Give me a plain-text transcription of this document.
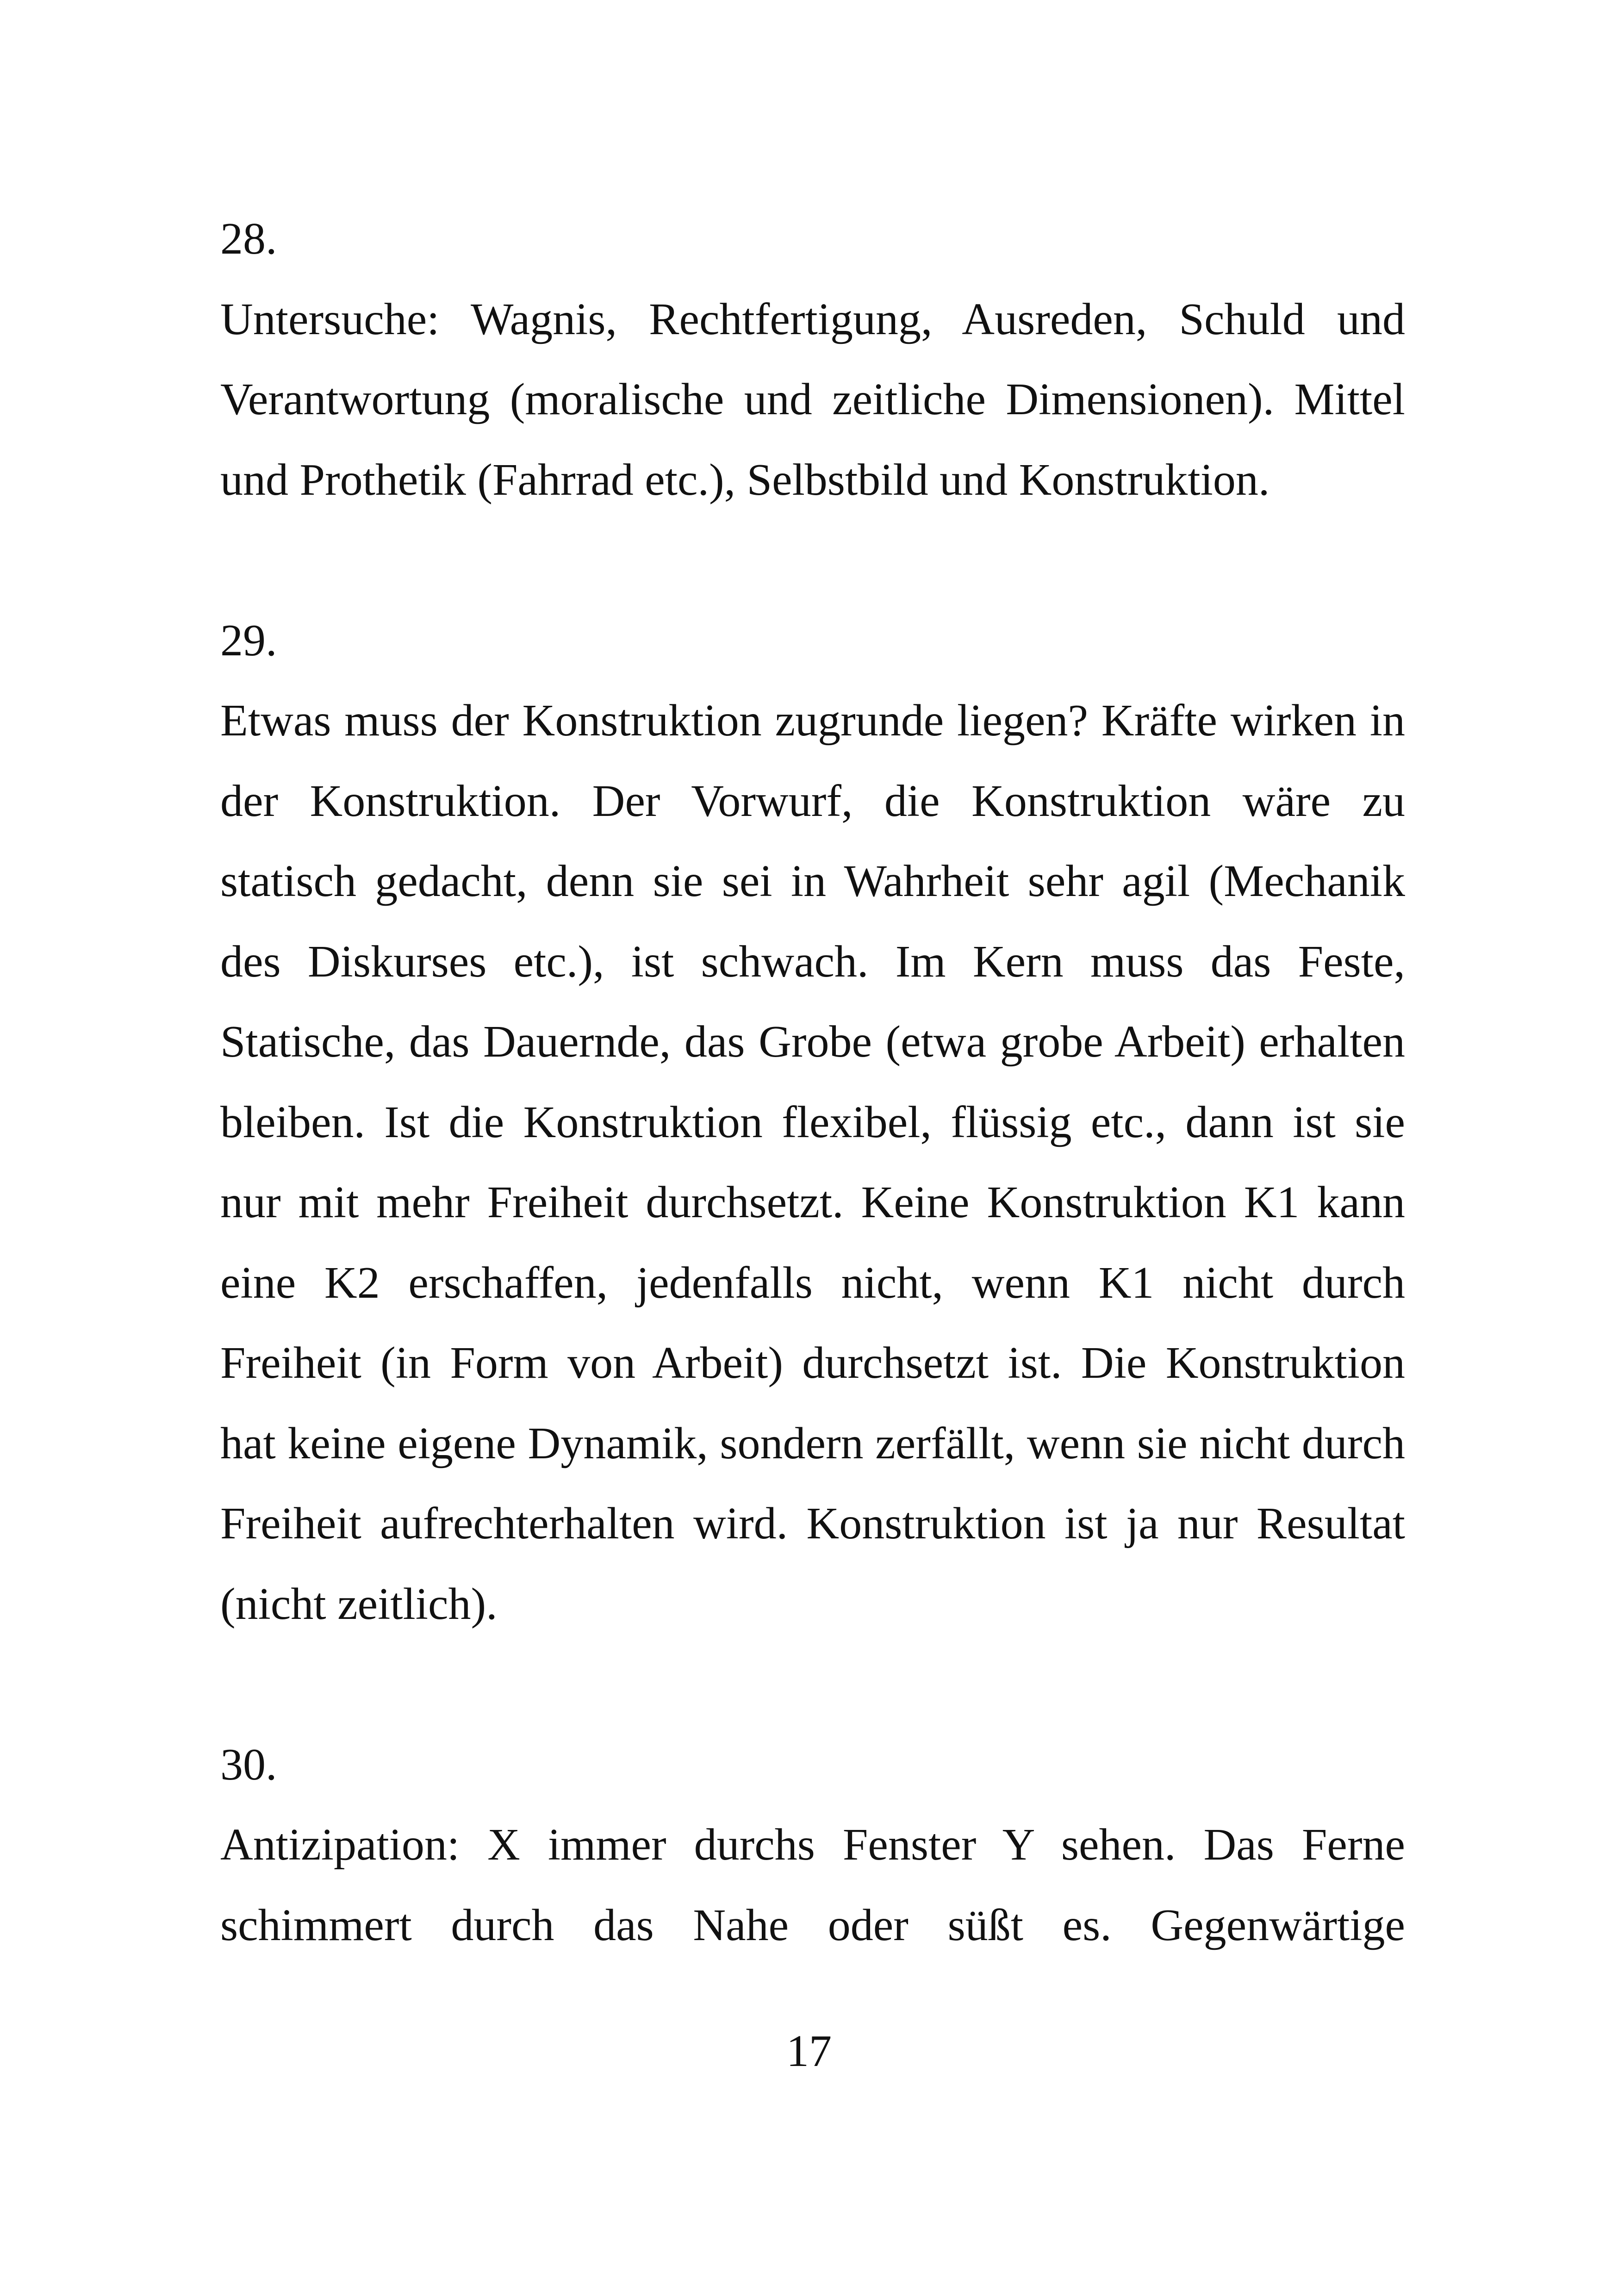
28.

Untersuche: Wagnis, Rechtfertigung, Ausreden, Schuld und Verantwortung (moralische und zeitliche Dimensionen). Mittel und Prothetik (Fahrrad etc.), Selbstbild und Konstruktion.

29.

Etwas muss der Konstruktion zugrunde liegen? Kräfte wirken in der Konstruktion. Der Vorwurf, die Konstruktion wäre zu statisch gedacht, denn sie sei in Wahrheit sehr agil (Mechanik des Diskurses etc.), ist schwach. Im Kern muss das Feste, Statische, das Dauernde, das Grobe (etwa grobe Arbeit) erhalten bleiben. Ist die Konstruktion flexibel, flüssig etc., dann ist sie nur mit mehr Freiheit durchsetzt. Keine Konstruktion K1 kann eine K2 erschaffen, jedenfalls nicht, wenn K1 nicht durch Freiheit (in Form von Arbeit) durchsetzt ist. Die Konstruktion hat keine eigene Dynamik, sondern zerfällt, wenn sie nicht durch Freiheit aufrechterhalten wird. Konstruktion ist ja nur Resultat (nicht zeitlich).

30.

Antizipation: X immer durchs Fenster Y sehen. Das Ferne schimmert durch das Nahe oder süßt es. Gegenwärtige

17
